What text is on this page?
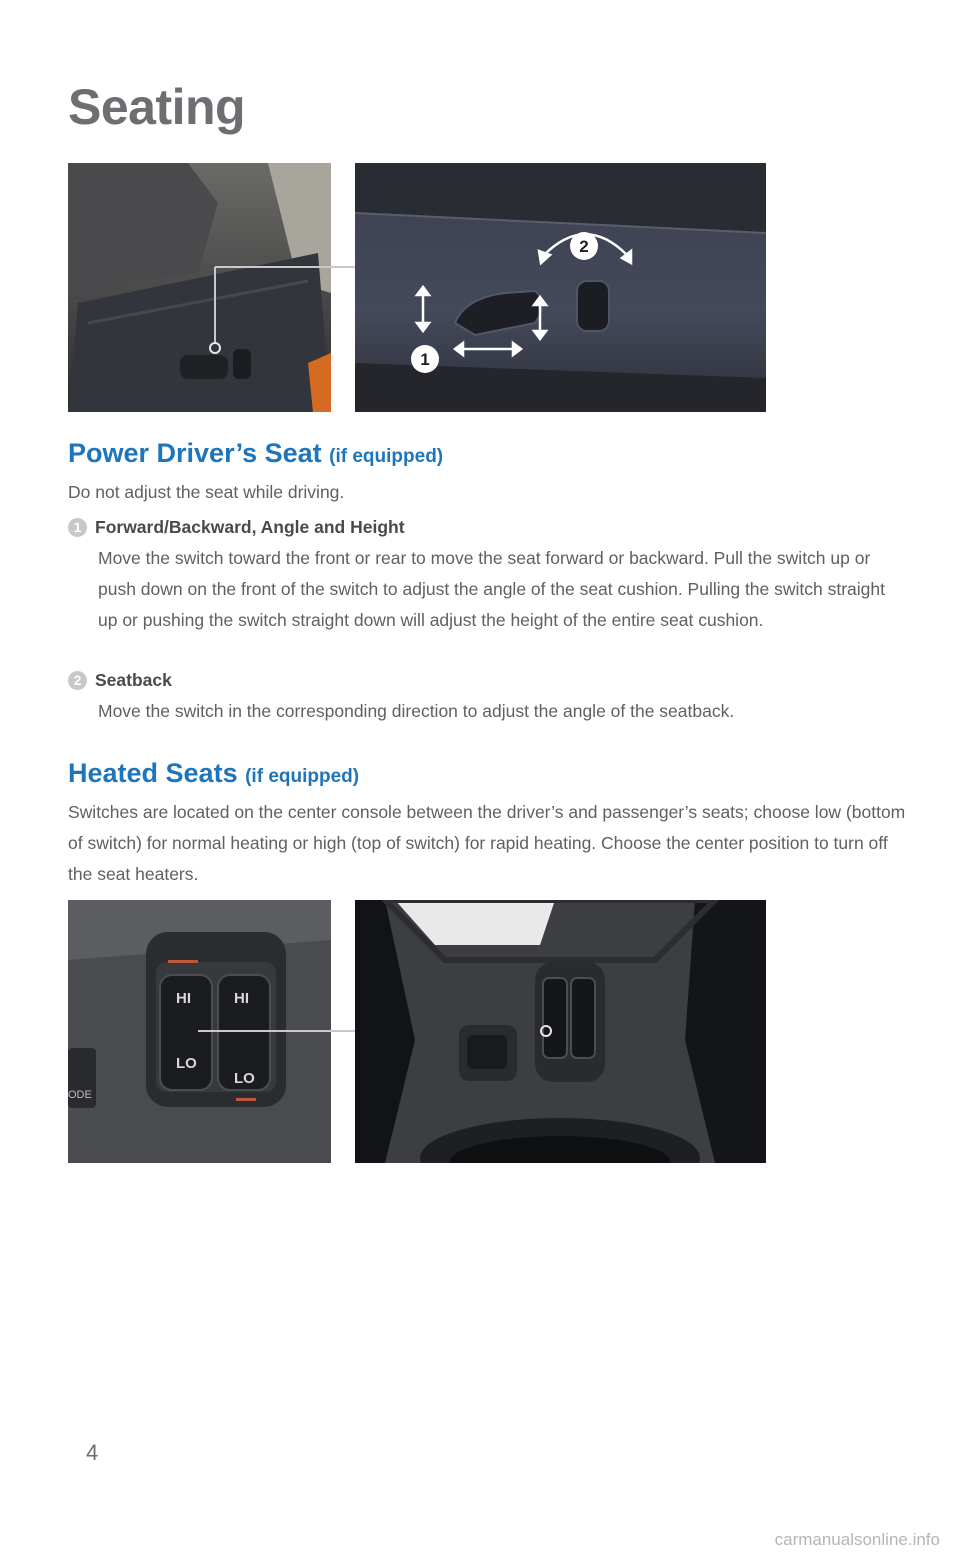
Seating
1
2
Power Driver’s Seat (if equipped)

Do not adjust the seat while driving.

1 Forward/Backward, Angle and Height
Move the switch toward the front or rear to move the seat forward or backward. Pull the switch up or push down on the front of the switch to adjust the angle of the seat cushion. Pulling the switch straight up or pushing the switch straight down will adjust the height of the entire seat cushion.
2 Seatback
Move the switch in the corresponding direction to adjust the angle of the seatback.
Heated Seats (if equipped)

Switches are located on the center console between the driver’s and passenger’s seats; choose low (bottom of switch) for normal heating or high (top of switch) for rapid heating. Choose the center position to turn off the seat heaters.

HI	HI
LO
LO
ODE
4
carmanualsonline.info
